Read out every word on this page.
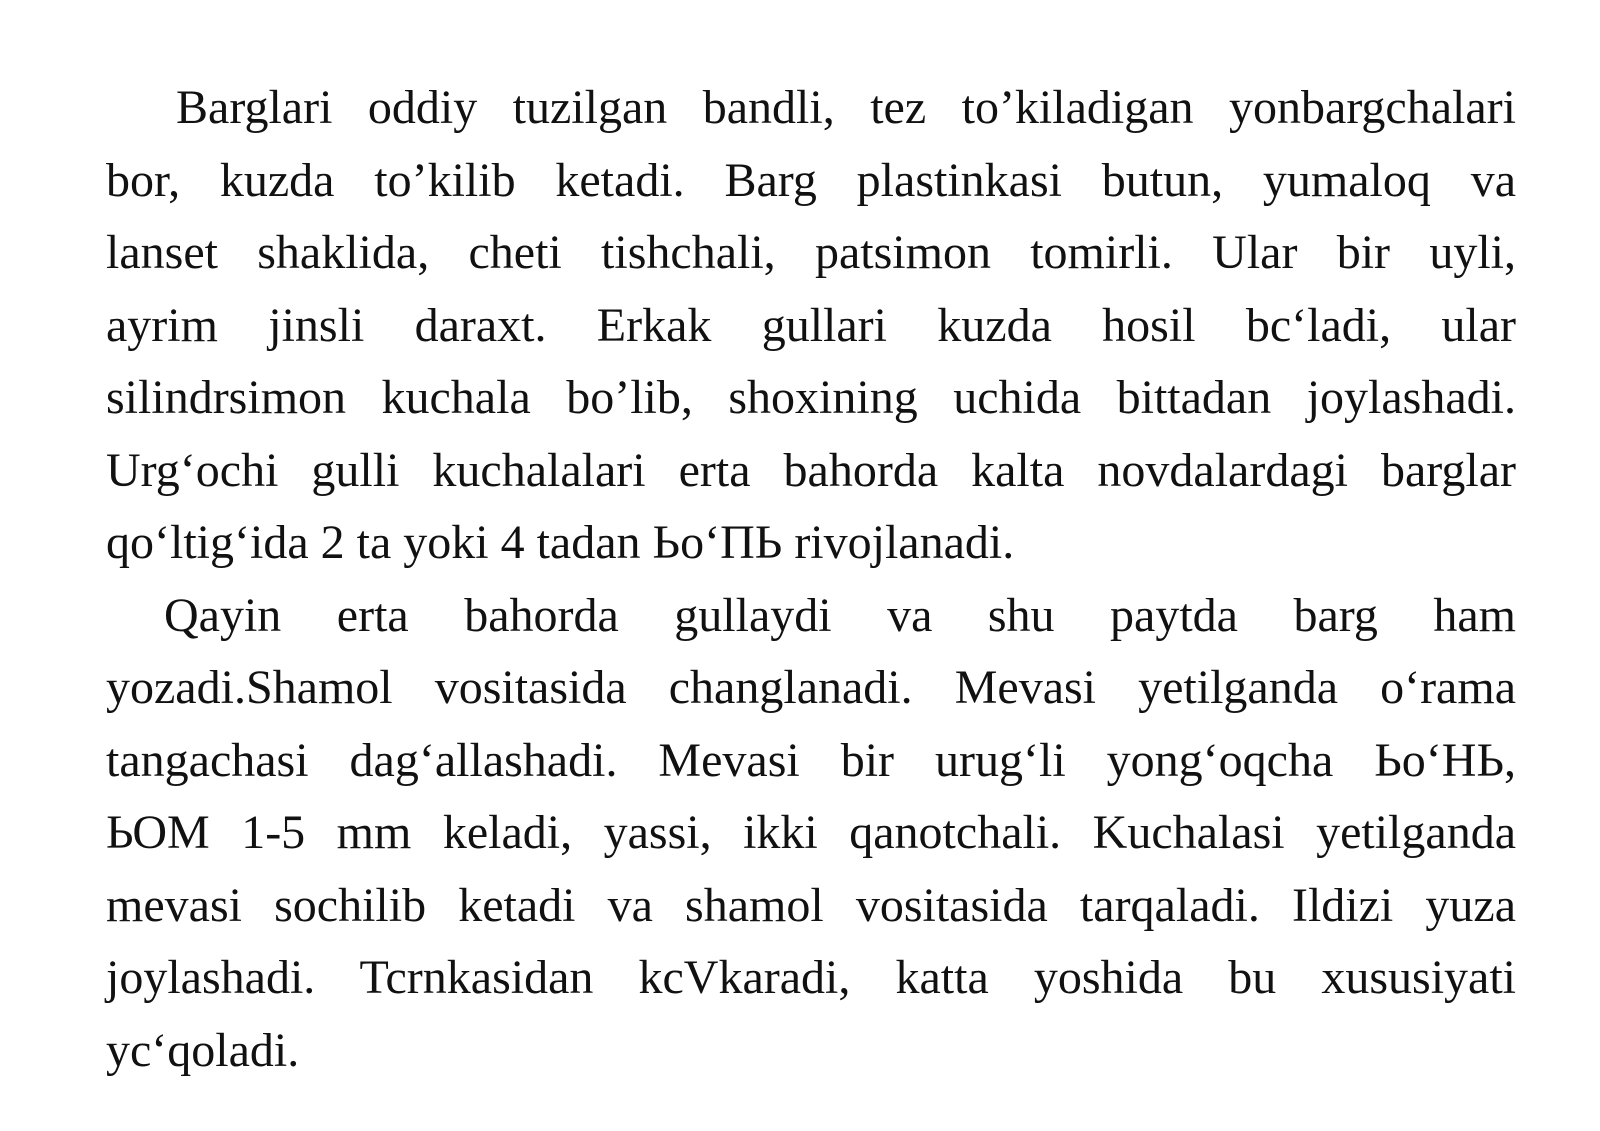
Barglari oddiy tuzilgan bandli, tez to’kiladigan yonbargchalari
bor, kuzda to’kilib ketadi. Barg plastinkasi butun, yumaloq va
lanset shaklida, cheti tishchali, patsimon tomirli. Ular bir uyli,
ayrim jinsli daraxt. Erkak gullari kuzda hosil bc‘ladi, ular
silindrsimon kuchala bo’lib, shoxining uchida bittadan joylashadi.
Urg‘ochi gulli kuchalalari erta bahorda kalta novdalardagi barglar
qo‘ltig‘ida 2 ta yoki 4 tadan Ьо‘ПЬ rivojlanadi.
Qayin erta bahorda gullaydi va shu paytda barg ham
yozadi.Shamol vositasida changlanadi. Mevasi yetilganda o‘rama
tangachasi dag‘allashadi. Mevasi bir urug‘li yong‘oqcha Ьо‘НЬ,
ЬОМ 1-5 mm keladi, yassi, ikki qanotchali. Kuchalasi yetilganda
mevasi sochilib ketadi va shamol vositasida tarqaladi. Ildizi yuza
joylashadi. Tcrnkasidan kcVkaradi, katta yoshida bu xususiyati
yc‘qoladi.
